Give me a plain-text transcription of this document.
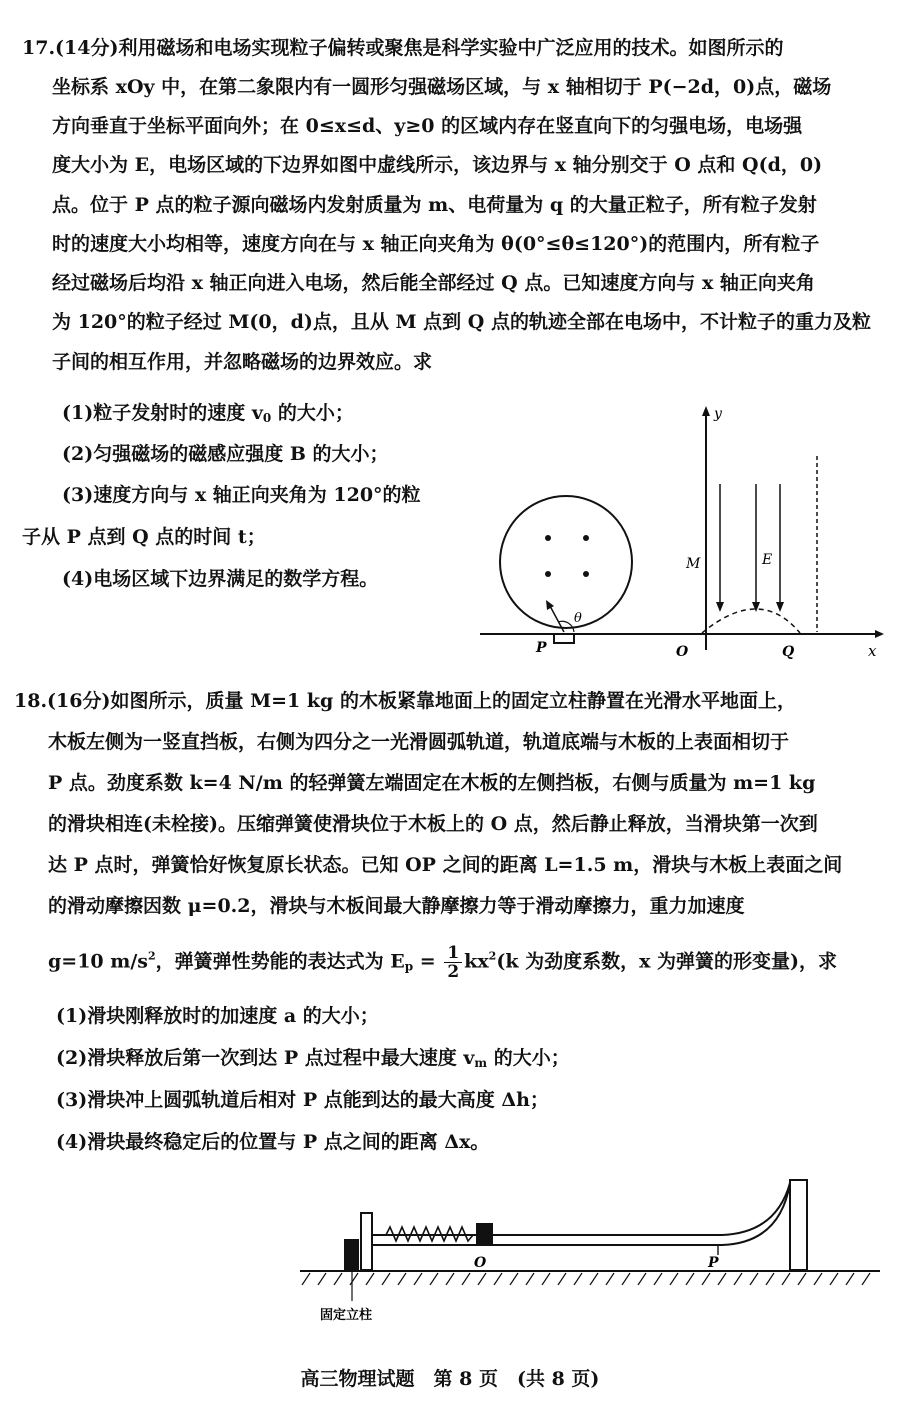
17.(14分)利用磁场和电场实现粒子偏转或聚焦是科学实验中广泛应用的技术。如图所示的
坐标系 xOy 中，在第二象限内有一圆形匀强磁场区域，与 x 轴相切于 P(−2d，0)点，磁场
方向垂直于坐标平面向外；在 0≤x≤d、y≥0 的区域内存在竖直向下的匀强电场，电场强
度大小为 E，电场区域的下边界如图中虚线所示，该边界与 x 轴分别交于 O 点和 Q(d，0)
点。位于 P 点的粒子源向磁场内发射质量为 m、电荷量为 q 的大量正粒子，所有粒子发射
时的速度大小均相等，速度方向在与 x 轴正向夹角为 θ(0°≤θ≤120°)的范围内，所有粒子
经过磁场后均沿 x 轴正向进入电场，然后能全部经过 Q 点。已知速度方向与 x 轴正向夹角
为 120°的粒子经过 M(0，d)点，且从 M 点到 Q 点的轨迹全部在电场中，不计粒子的重力及粒
子间的相互作用，并忽略磁场的边界效应。求
(1)粒子发射时的速度 $v_0$ 的大小；
(2)匀强磁场的磁感应强度 B 的大小；
(3)速度方向与 x 轴正向夹角为 120°的粒
子从 P 点到 Q 点的时间 t；
(4)电场区域下边界满足的数学方程。
x
y
θ
P
E
M
O	Q
18.(16分)如图所示，质量 M=1 kg 的木板紧靠地面上的固定立柱静置在光滑水平地面上，
木板左侧为一竖直挡板，右侧为四分之一光滑圆弧轨道，轨道底端与木板的上表面相切于
P 点。劲度系数 k=4 N/m 的轻弹簧左端固定在木板的左侧挡板，右侧与质量为 m=1 kg
的滑块相连(未栓接)。压缩弹簧使滑块位于木板上的 O 点，然后静止释放，当滑块第一次到
达 P 点时，弹簧恰好恢复原长状态。已知 OP 之间的距离 L=1.5 m，滑块与木板上表面之间
的滑动摩擦因数 μ=0.2，滑块与木板间最大静摩擦力等于滑动摩擦力，重力加速度
g=10 $m/s^2$，弹簧弹性势能的表达式为 $E_p = \frac{1}{2} kx^2(k$ 为劲度系数，x 为弹簧的形变量)，求
(1)滑块刚释放时的加速度 a 的大小；
(2)滑块释放后第一次到达 P 点过程中最大速度 $v_m$ 的大小；
(3)滑块冲上圆弧轨道后相对 P 点能到达的最大高度 Δh；
(4)滑块最终稳定后的位置与 P 点之间的距离 Δx。
固定立柱
O	P
高三物理试题　第 8 页　(共 8 页)
